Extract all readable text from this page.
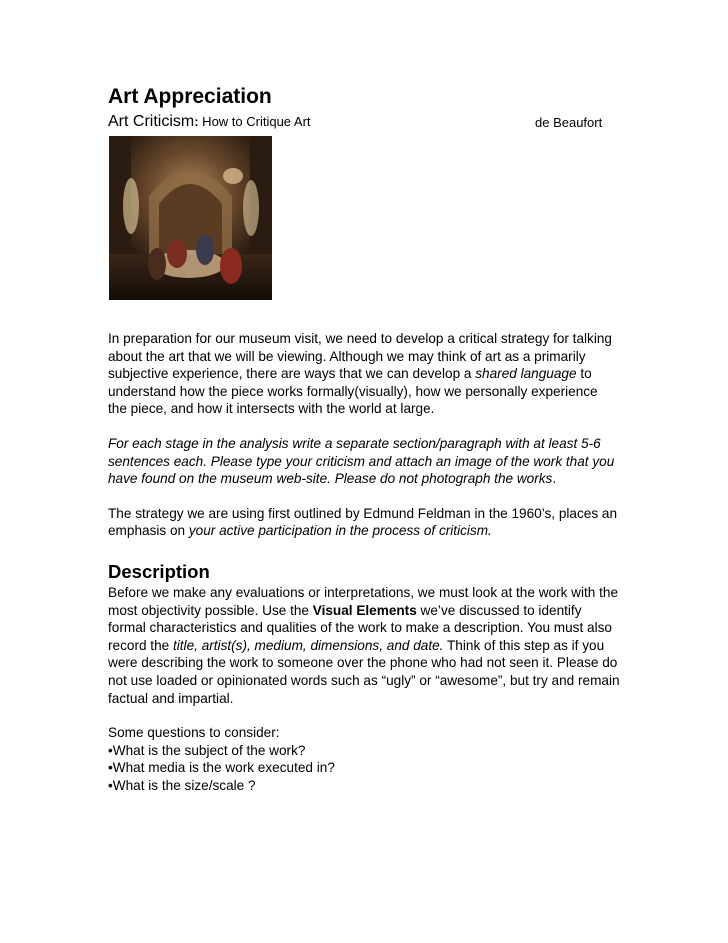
Art Appreciation
Art Criticism: How to Critique Art	de Beaufort

In preparation for our museum visit, we need to develop a critical strategy for talking about the art that we will be viewing. Although we may think of art as a primarily subjective experience, there are ways that we can develop a shared language to understand how the piece works formally(visually), how we personally experience the piece, and how it intersects with the world at large.

For each stage in the analysis write a separate section/paragraph with at least 5-6 sentences each. Please type your criticism and attach an image of the work that you have found on the museum web-site. Please do not photograph the works.

The strategy we are using first outlined by Edmund Feldman in the 1960’s, places an emphasis on your active participation in the process of criticism.

Description

Before we make any evaluations or interpretations, we must look at the work with the most objectivity possible. Use the Visual Elements we’ve discussed to identify formal characteristics and qualities of the work to make a description. You must also record the title, artist(s), medium, dimensions, and date. Think of this step as if you were describing the work to someone over the phone who had not seen it. Please do not use loaded or opinionated words such as “ugly” or “awesome”, but try and remain factual and impartial.

Some questions to consider:

•What is the subject of the work?
•What media is the work executed in?
•What is the size/scale ?
